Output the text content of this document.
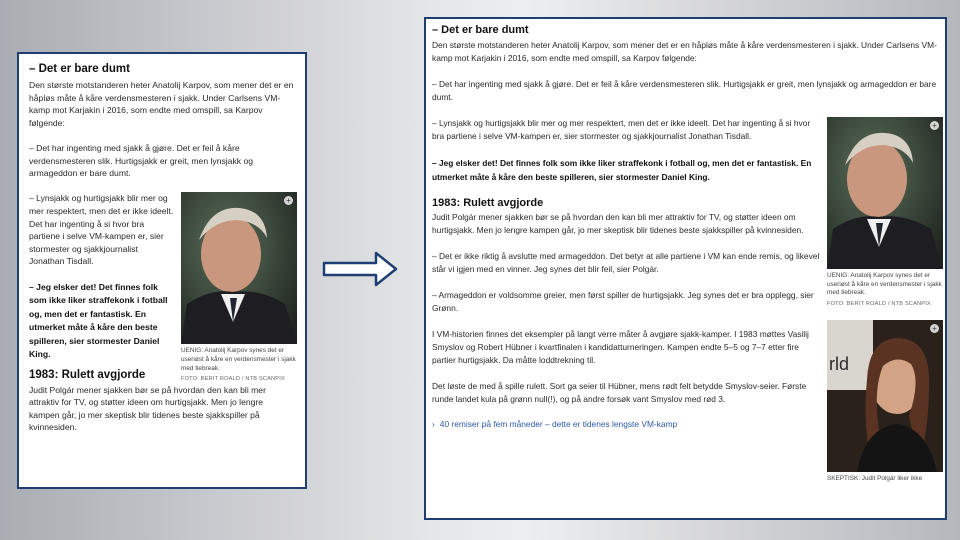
– Det er bare dumt

Den største motstanderen heter Anatolij Karpov, som mener det er en håpløs måte å kåre verdensmesteren i sjakk. Under Carlsens VM-kamp mot Karjakin i 2016, som endte med omspill, sa Karpov følgende:

– Det har ingenting med sjakk å gjøre. Det er feil å kåre verdensmesteren slik. Hurtigsjakk er greit, men lynsjakk og armageddon er bare dumt.

+
UENIG: Anatolij Karpov synes det er useriøst å kåre en verdensmester i sjakk med tiebreak.
FOTO: BERIT ROALD / NTB SCANPIX

– Lynsjakk og hurtigsjakk blir mer og mer respektert, men det er ikke ideelt. Det har ingenting å si hvor bra partiene i selve VM-kampen er, sier stormester og sjakkjournalist Jonathan Tisdall.

– Jeg elsker det! Det finnes folk som ikke liker straffekonk i fotball og, men det er fantastisk. En utmerket måte å kåre den beste spilleren, sier stormester Daniel King.

1983: Rulett avgjorde

Judit Polgár mener sjakken bør se på hvordan den kan bli mer attraktiv for TV, og støtter ideen om hurtigsjakk. Men jo lengre kampen går, jo mer skeptisk blir tidenes beste sjakkspiller på kvinnesiden.

– Det er bare dumt

Den største motstanderen heter Anatolij Karpov, som mener det er en håpløs måte å kåre verdensmesteren i sjakk. Under Carlsens VM-kamp mot Karjakin i 2016, som endte med omspill, sa Karpov følgende:

– Det har ingenting med sjakk å gjøre. Det er feil å kåre verdensmesteren slik. Hurtigsjakk er greit, men lynsjakk og armageddon er bare dumt.

+
UENIG: Anatolij Karpov synes det er useriøst å kåre en verdensmester i sjakk med tiebreak.
FOTO: BERIT ROALD / NTB SCANPIX
rld
+
SKEPTISK: Judit Polgár liker ikke

– Lynsjakk og hurtigsjakk blir mer og mer respektert, men det er ikke ideelt. Det har ingenting å si hvor bra partiene i selve VM-kampen er, sier stormester og sjakkjournalist Jonathan Tisdall.

– Jeg elsker det! Det finnes folk som ikke liker straffekonk i fotball og, men det er fantastisk. En utmerket måte å kåre den beste spilleren, sier stormester Daniel King.

1983: Rulett avgjorde

Judit Polgár mener sjakken bør se på hvordan den kan bli mer attraktiv for TV, og støtter ideen om hurtigsjakk. Men jo lengre kampen går, jo mer skeptisk blir tidenes beste sjakkspiller på kvinnesiden.

– Det er ikke riktig å avslutte med armageddon. Det betyr at alle partiene i VM kan ende remis, og likevel står vi igjen med en vinner. Jeg synes det blir feil, sier Polgár.

– Armageddon er voldsomme greier, men først spiller de hurtigsjakk. Jeg synes det er bra opplegg, sier Grønn.

I VM-historien finnes det eksempler på langt verre måter å avgjøre sjakk-kamper. I 1983 møttes Vasilij Smyslov og Robert Hübner i kvartfinalen i kandidatturneringen. Kampen endte 5–5 og 7–7 etter fire partier hurtigsjakk. Da måtte loddtrekning til.

Det løste de med å spille rulett. Sort ga seier til Hübner, mens rødt felt betydde Smyslov-seier. Første runde landet kula på grønn null(!), og på andre forsøk vant Smyslov med rød 3.

› 40 remiser på fem måneder – dette er tidenes lengste VM-kamp
